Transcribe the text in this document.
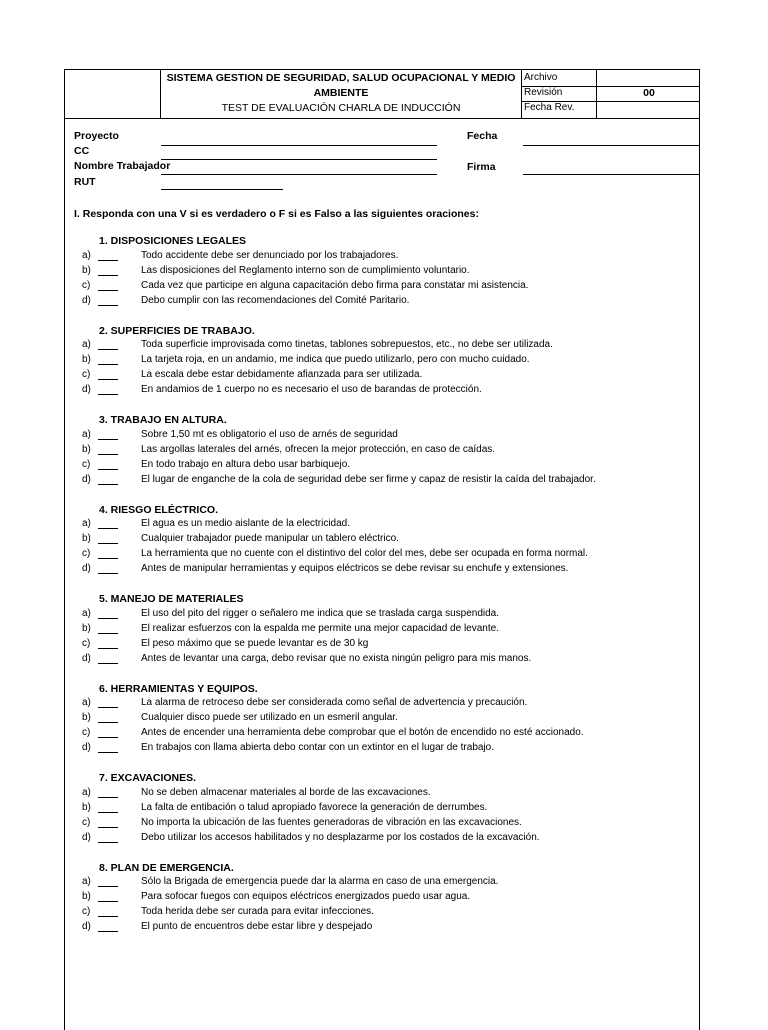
SISTEMA GESTION DE SEGURIDAD, SALUD OCUPACIONAL Y MEDIO
AMBIENTE
TEST DE EVALUACIÓN CHARLA DE INDUCCIÓN
Archivo
Revisión	00
Fecha Rev.
Proyecto
CC
Nombre Trabajador
RUT
Fecha
Firma
I. Responda con una V si es verdadero o F si es Falso a las siguientes oraciones:
1. DISPOSICIONES LEGALES
a)	Todo accidente debe ser denunciado por los trabajadores.
b)	Las disposiciones del Reglamento interno son de cumplimiento voluntario.
c)	Cada vez que participe en alguna capacitación debo firma para constatar mi asistencia.
d)	Debo cumplir con las recomendaciones del Comité Paritario.
2. SUPERFICIES DE TRABAJO.
a)	Toda superficie improvisada como tinetas, tablones sobrepuestos, etc., no debe ser utilizada.
b)	La tarjeta roja, en un andamio, me indica que puedo utilizarlo, pero con mucho cuidado.
c)	La escala debe estar debidamente afianzada para ser utilizada.
d)	En andamios de 1 cuerpo no es necesario el uso de barandas de protección.
3. TRABAJO EN ALTURA.
a)	Sobre 1,50 mt es obligatorio el uso de arnés de seguridad
b)	Las argollas laterales del arnés, ofrecen la mejor protección, en caso de caídas.
c)	En todo trabajo en altura debo usar barbiquejo.
d)	El lugar de enganche de la cola de seguridad debe ser firme y capaz de resistir la caída del trabajador.
4. RIESGO ELÉCTRICO.
a)	El agua es un medio aislante de la electricidad.
b)	Cualquier trabajador puede manipular un tablero eléctrico.
c)	La herramienta que no cuente con el distintivo del color del mes, debe ser ocupada en forma normal.
d)	Antes de manipular herramientas y equipos eléctricos se debe revisar su enchufe y extensiones.
5. MANEJO DE MATERIALES
a)	El uso del pito del rigger o señalero me indica que se traslada carga suspendida.
b)	El realizar esfuerzos con la espalda me permite una mejor capacidad de levante.
c)	El peso máximo que se puede levantar es de 30 kg
d)	Antes de levantar una carga, debo revisar que no exista ningún peligro para mis manos.
6. HERRAMIENTAS Y EQUIPOS.
a)	La alarma de retroceso debe ser considerada como señal de advertencia y precaución.
b)	Cualquier disco puede ser utilizado en un esmeril angular.
c)	Antes de encender una herramienta debe comprobar que el botón de encendido no esté accionado.
d)	En trabajos con llama abierta debo contar con un extintor en el lugar de trabajo.
7. EXCAVACIONES.
a)	No se deben almacenar materiales al borde de las excavaciones.
b)	La falta de entibación o talud apropiado favorece la generación de derrumbes.
c)	No importa la ubicación de las fuentes generadoras de vibración en las excavaciones.
d)	Debo utilizar los accesos habilitados y no desplazarme por los costados de la excavación.
8. PLAN DE EMERGENCIA.
a)	Sólo la Brigada de emergencia puede dar la alarma en caso de una emergencia.
b)	Para sofocar fuegos con equipos eléctricos energizados puedo usar agua.
c)	Toda herida debe ser curada para evitar infecciones.
d)	El punto de encuentros debe estar libre y despejado
